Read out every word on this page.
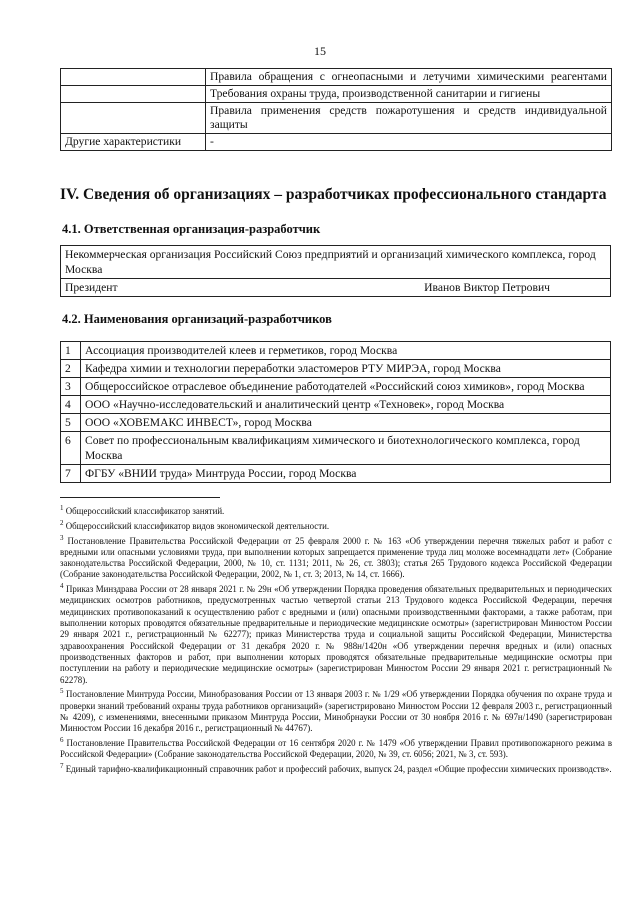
15
	Правила обращения с огнеопасными и летучими химическими реагентами
	Требования охраны труда, производственной санитарии и гигиены
	Правила применения средств пожаротушения и средств индивидуальной защиты
Другие характеристики	-
IV. Сведения об организациях – разработчиках профессионального стандарта
4.1. Ответственная организация-разработчик
Некоммерческая организация Российский Союз предприятий и организаций химического комплекса, город Москва

Президент	Иванов Виктор Петрович
4.2. Наименования организаций-разработчиков
1	Ассоциация производителей клеев и герметиков, город Москва
2	Кафедра химии и технологии переработки эластомеров РТУ МИРЭА, город Москва
3	Общероссийское отраслевое объединение работодателей «Российский союз химиков», город Москва
4	ООО «Научно-исследовательский и аналитический центр «Техновек», город Москва
5	ООО «ХОВЕМАКС ИНВЕСТ», город Москва
6	Совет по профессиональным квалификациям химического и биотехнологического комплекса, город Москва
7	ФГБУ «ВНИИ труда» Минтруда России, город Москва

$^1$ Общероссийский классификатор занятий.

$^2$ Общероссийский классификатор видов экономической деятельности.

$^3$ Постановление Правительства Российской Федерации от 25 февраля 2000 г. № 163 «Об утверждении перечня тяжелых работ и работ с вредными или опасными условиями труда, при выполнении которых запрещается применение труда лиц моложе восемнадцати лет» (Собрание законодательства Российской Федерации, 2000, № 10, ст. 1131; 2011, № 26, ст. 3803); статья 265 Трудового кодекса Российской Федерации (Собрание законодательства Российской Федерации, 2002, № 1, ст. 3; 2013, № 14, ст. 1666).

$^4$ Приказ Минздрава России от 28 января 2021 г. № 29н «Об утверждении Порядка проведения обязательных предварительных и периодических медицинских осмотров работников, предусмотренных частью четвертой статьи 213 Трудового кодекса Российской Федерации, перечня медицинских противопоказаний к осуществлению работ с вредными и (или) опасными производственными факторами, а также работам, при выполнении которых проводятся обязательные предварительные и периодические медицинские осмотры» (зарегистрирован Минюстом России 29 января 2021 г., регистрационный № 62277); приказ Министерства труда и социальной защиты Российской Федерации, Министерства здравоохранения Российской Федерации от 31 декабря 2020 г. № 988н/1420н «Об утверждении перечня вредных и (или) опасных производственных факторов и работ, при выполнении которых проводятся обязательные предварительные медицинские осмотры при поступлении на работу и периодические медицинские осмотры» (зарегистрирован Минюстом России 29 января 2021 г. регистрационный № 62278).

$^5$ Постановление Минтруда России, Минобразования России от 13 января 2003 г. № 1/29 «Об утверждении Порядка обучения по охране труда и проверки знаний требований охраны труда работников организаций» (зарегистрировано Минюстом России 12 февраля 2003 г., регистрационный № 4209), с изменениями, внесенными приказом Минтруда России, Минобрнауки России от 30 ноября 2016 г. № 697н/1490 (зарегистрирован Минюстом России 16 декабря 2016 г., регистрационный № 44767).

$^6$ Постановление Правительства Российской Федерации от 16 сентября 2020 г. № 1479 «Об утверждении Правил противопожарного режима в Российской Федерации» (Собрание законодательства Российской Федерации, 2020, № 39, ст. 6056; 2021, № 3, ст. 593).

$^7$ Единый тарифно-квалификационный справочник работ и профессий рабочих, выпуск 24, раздел «Общие профессии химических производств».
